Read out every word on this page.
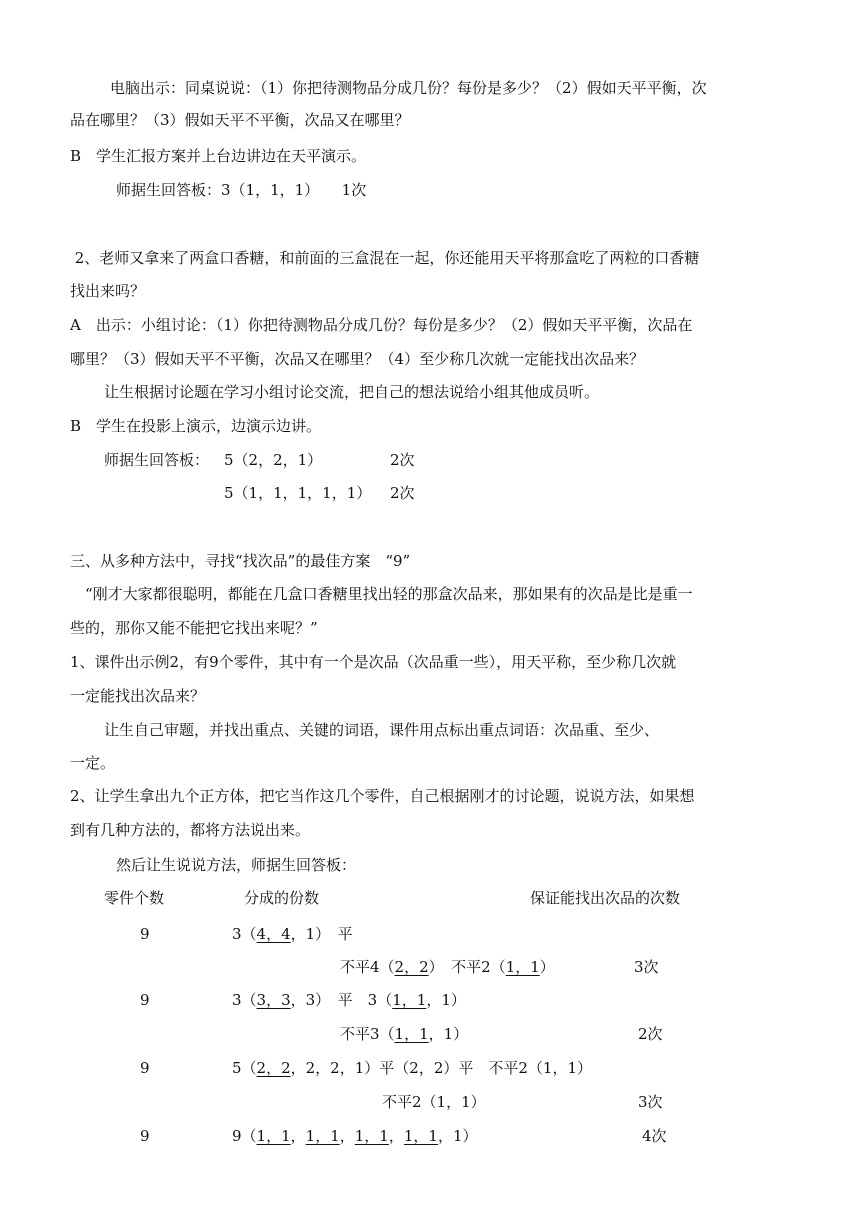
电脑出示：同桌说说：（1）你把待测物品分成几份？每份是多少？（2）假如天平平衡，次
品在哪里？（3）假如天平不平衡，次品又在哪里？
B　学生汇报方案并上台边讲边在天平演示。
师据生回答板：3（1，1，1）　　1次
2、老师又拿来了两盒口香糖，和前面的三盒混在一起，你还能用天平将那盒吃了两粒的口香糖
找出来吗？
A　出示：小组讨论：（1）你把待测物品分成几份？每份是多少？（2）假如天平平衡，次品在
哪里？（3）假如天平不平衡，次品又在哪里？（4）至少称几次就一定能找出次品来？
让生根据讨论题在学习小组讨论交流，把自己的想法说给小组其他成员听。
B　学生在投影上演示，边演示边讲。
师据生回答板： 5（2，2，1）	2次
5（1，1，1，1，1） 2次
三、从多种方法中，寻找“找次品”的最佳方案　“9”
　“刚才大家都很聪明，都能在几盒口香糖里找出轻的那盒次品来，那如果有的次品是比是重一
些的，那你又能不能把它找出来呢？”
1、课件出示例2，有9个零件，其中有一个是次品（次品重一些），用天平称，至少称几次就
一定能找出次品来？
让生自己审题，并找出重点、关键的词语，课件用点标出重点词语：次品重、至少、
一定。
2、让学生拿出九个正方体，把它当作这几个零件，自己根据刚才的讨论题，说说方法，如果想
到有几种方法的，都将方法说出来。
然后让生说说方法，师据生回答板：
零件个数	分成的份数	保证能找出次品的次数
9	3（4，4，1）　平
不平4（2，2）　不平2（1，1）	3次
9	3（3，3，3）　平　3（1，1，1）
不平3（1，1，1）	2次
9	5（2，2，2，2，1）平（2，2）平　不平2（1，1）
不平2（1，1）	3次
9	9（1，1，1，1，1，1，1，1，1）	4次
